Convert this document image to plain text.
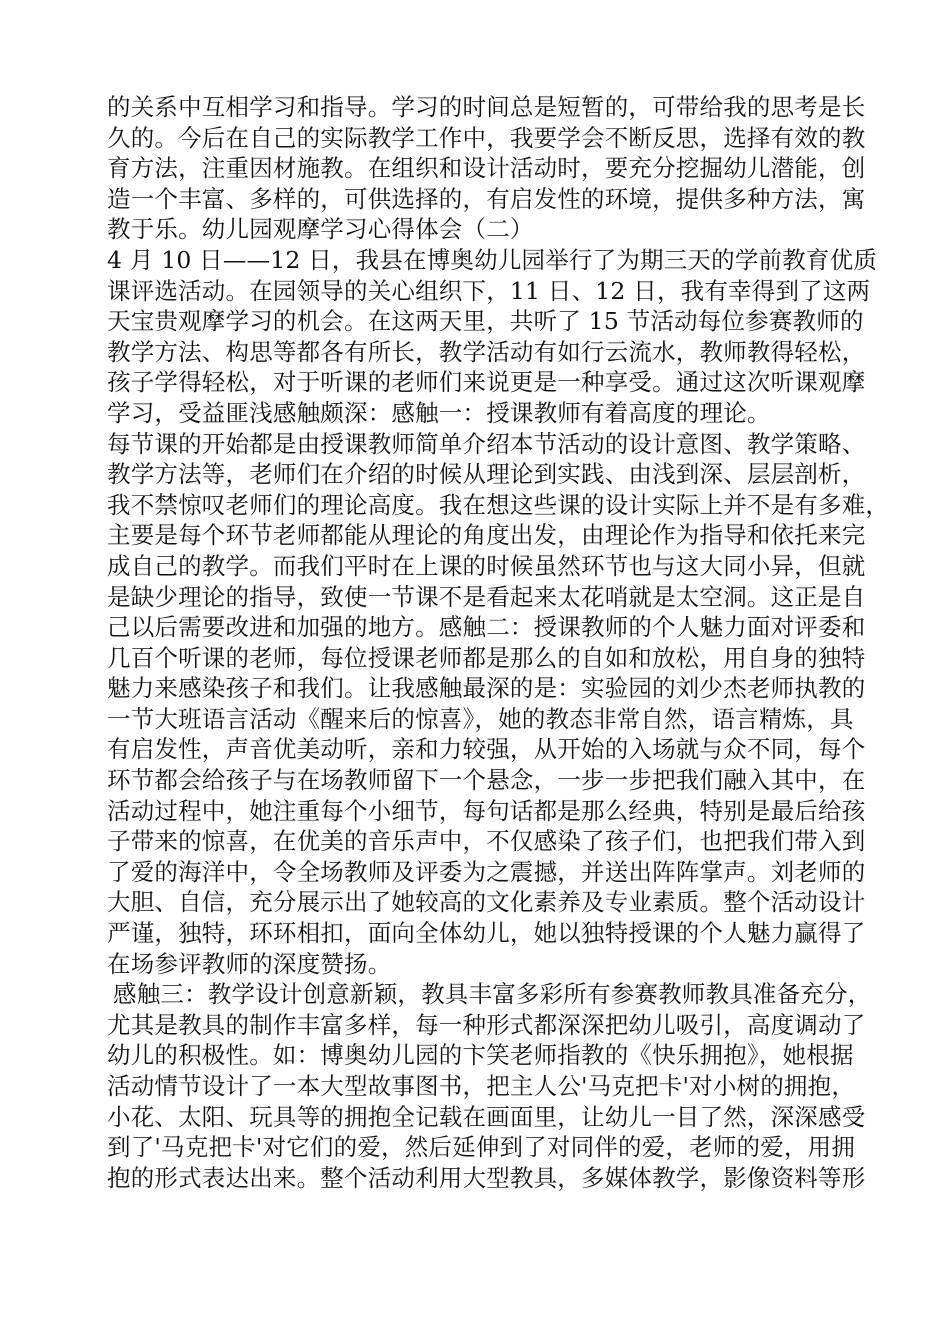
的关系中互相学习和指导。学习的时间总是短暂的，可带给我的思考是长
久的。今后在自己的实际教学工作中，我要学会不断反思，选择有效的教
育方法，注重因材施教。在组织和设计活动时，要充分挖掘幼儿潜能，创
造一个丰富、多样的，可供选择的，有启发性的环境，提供多种方法，寓
教于乐。幼儿园观摩学习心得体会（二）
4 月 10 日——12 日，我县在博奥幼儿园举行了为期三天的学前教育优质
课评选活动。在园领导的关心组织下，11 日、12 日，我有幸得到了这两
天宝贵观摩学习的机会。在这两天里，共听了 15 节活动每位参赛教师的
教学方法、构思等都各有所长，教学活动有如行云流水，教师教得轻松，
孩子学得轻松，对于听课的老师们来说更是一种享受。通过这次听课观摩
学习，受益匪浅感触颇深：感触一：授课教师有着高度的理论。
每节课的开始都是由授课教师简单介绍本节活动的设计意图、教学策略、
教学方法等，老师们在介绍的时候从理论到实践、由浅到深、层层剖析，
我不禁惊叹老师们的理论高度。我在想这些课的设计实际上并不是有多难，
主要是每个环节老师都能从理论的角度出发，由理论作为指导和依托来完
成自己的教学。而我们平时在上课的时候虽然环节也与这大同小异，但就
是缺少理论的指导，致使一节课不是看起来太花哨就是太空洞。这正是自
己以后需要改进和加强的地方。感触二：授课教师的个人魅力面对评委和
几百个听课的老师，每位授课老师都是那么的自如和放松，用自身的独特
魅力来感染孩子和我们。让我感触最深的是：实验园的刘少杰老师执教的
一节大班语言活动《醒来后的惊喜》，她的教态非常自然，语言精炼，具
有启发性，声音优美动听，亲和力较强，从开始的入场就与众不同，每个
环节都会给孩子与在场教师留下一个悬念，一步一步把我们融入其中，在
活动过程中，她注重每个小细节，每句话都是那么经典，特别是最后给孩
子带来的惊喜，在优美的音乐声中，不仅感染了孩子们，也把我们带入到
了爱的海洋中，令全场教师及评委为之震撼，并送出阵阵掌声。刘老师的
大胆、自信，充分展示出了她较高的文化素养及专业素质。整个活动设计
严谨，独特，环环相扣，面向全体幼儿，她以独特授课的个人魅力赢得了
在场参评教师的深度赞扬。
感触三：教学设计创意新颖，教具丰富多彩所有参赛教师教具准备充分，
尤其是教具的制作丰富多样，每一种形式都深深把幼儿吸引，高度调动了
幼儿的积极性。如：博奥幼儿园的卞笑老师指教的《快乐拥抱》，她根据
活动情节设计了一本大型故事图书，把主人公'马克把卡'对小树的拥抱，
小花、太阳、玩具等的拥抱全记载在画面里，让幼儿一目了然，深深感受
到了'马克把卡'对它们的爱，然后延伸到了对同伴的爱，老师的爱，用拥
抱的形式表达出来。整个活动利用大型教具，多媒体教学，影像资料等形
